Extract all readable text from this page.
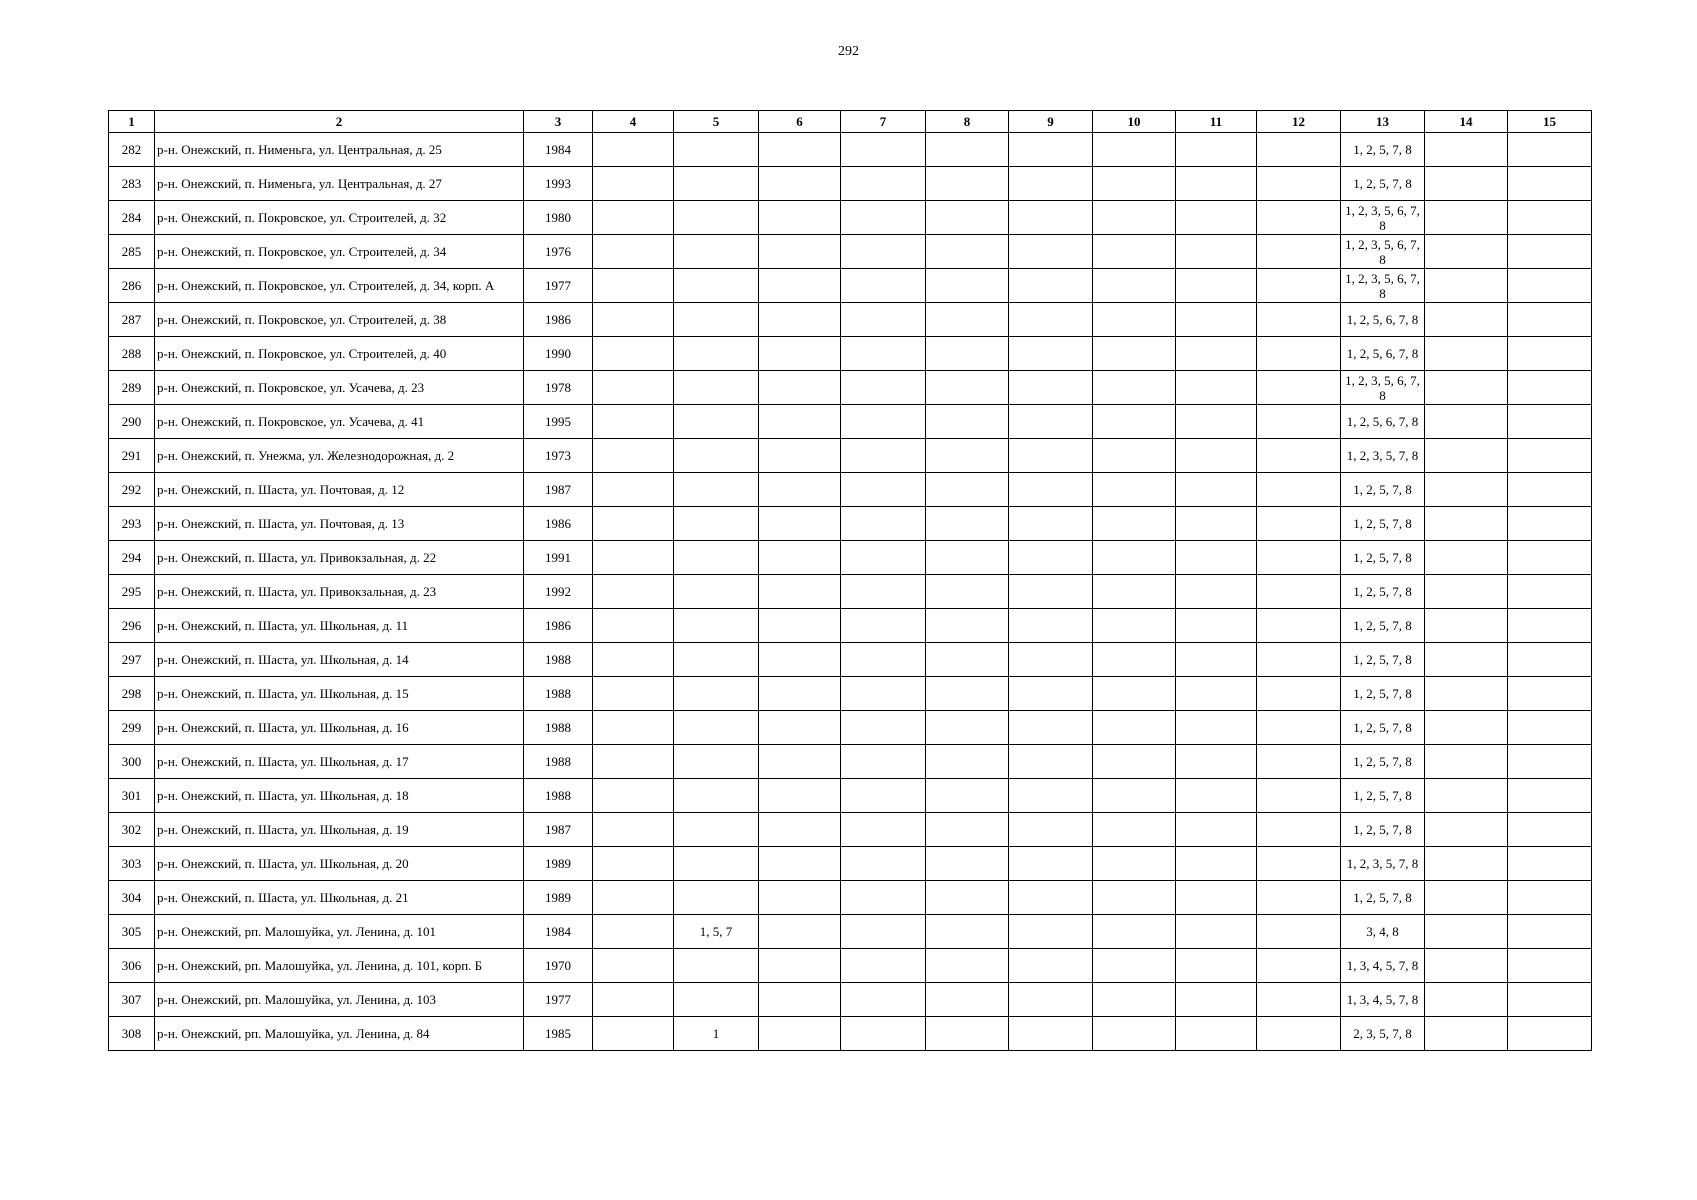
292
1	2	3	4	5	6	7	8	9	10	11	12	13	14	15
282	р-н. Онежский, п. Нименьга, ул. Центральная, д. 25	1984										1, 2, 5, 7, 8		
283	р-н. Онежский, п. Нименьга, ул. Центральная, д. 27	1993										1, 2, 5, 7, 8		
284	р-н. Онежский, п. Покровское, ул. Строителей, д. 32	1980										1, 2, 3, 5, 6, 7, 8		
285	р-н. Онежский, п. Покровское, ул. Строителей, д. 34	1976										1, 2, 3, 5, 6, 7, 8		
286	р-н. Онежский, п. Покровское, ул. Строителей, д. 34, корп. А	1977										1, 2, 3, 5, 6, 7, 8		
287	р-н. Онежский, п. Покровское, ул. Строителей, д. 38	1986										1, 2, 5, 6, 7, 8		
288	р-н. Онежский, п. Покровское, ул. Строителей, д. 40	1990										1, 2, 5, 6, 7, 8		
289	р-н. Онежский, п. Покровское, ул. Усачева, д. 23	1978										1, 2, 3, 5, 6, 7, 8		
290	р-н. Онежский, п. Покровское, ул. Усачева, д. 41	1995										1, 2, 5, 6, 7, 8		
291	р-н. Онежский, п. Унежма, ул. Железнодорожная, д. 2	1973										1, 2, 3, 5, 7, 8		
292	р-н. Онежский, п. Шаста, ул. Почтовая, д. 12	1987										1, 2, 5, 7, 8		
293	р-н. Онежский, п. Шаста, ул. Почтовая, д. 13	1986										1, 2, 5, 7, 8		
294	р-н. Онежский, п. Шаста, ул. Привокзальная, д. 22	1991										1, 2, 5, 7, 8		
295	р-н. Онежский, п. Шаста, ул. Привокзальная, д. 23	1992										1, 2, 5, 7, 8		
296	р-н. Онежский, п. Шаста, ул. Школьная, д. 11	1986										1, 2, 5, 7, 8		
297	р-н. Онежский, п. Шаста, ул. Школьная, д. 14	1988										1, 2, 5, 7, 8		
298	р-н. Онежский, п. Шаста, ул. Школьная, д. 15	1988										1, 2, 5, 7, 8		
299	р-н. Онежский, п. Шаста, ул. Школьная, д. 16	1988										1, 2, 5, 7, 8		
300	р-н. Онежский, п. Шаста, ул. Школьная, д. 17	1988										1, 2, 5, 7, 8		
301	р-н. Онежский, п. Шаста, ул. Школьная, д. 18	1988										1, 2, 5, 7, 8		
302	р-н. Онежский, п. Шаста, ул. Школьная, д. 19	1987										1, 2, 5, 7, 8		
303	р-н. Онежский, п. Шаста, ул. Школьная, д. 20	1989										1, 2, 3, 5, 7, 8		
304	р-н. Онежский, п. Шаста, ул. Школьная, д. 21	1989										1, 2, 5, 7, 8		
305	р-н. Онежский, рп. Малошуйка, ул. Ленина, д. 101	1984		1, 5, 7								3, 4, 8		
306	р-н. Онежский, рп. Малошуйка, ул. Ленина, д. 101, корп. Б	1970										1, 3, 4, 5, 7, 8		
307	р-н. Онежский, рп. Малошуйка, ул. Ленина, д. 103	1977										1, 3, 4, 5, 7, 8		
308	р-н. Онежский, рп. Малошуйка, ул. Ленина, д. 84	1985		1								2, 3, 5, 7, 8		
